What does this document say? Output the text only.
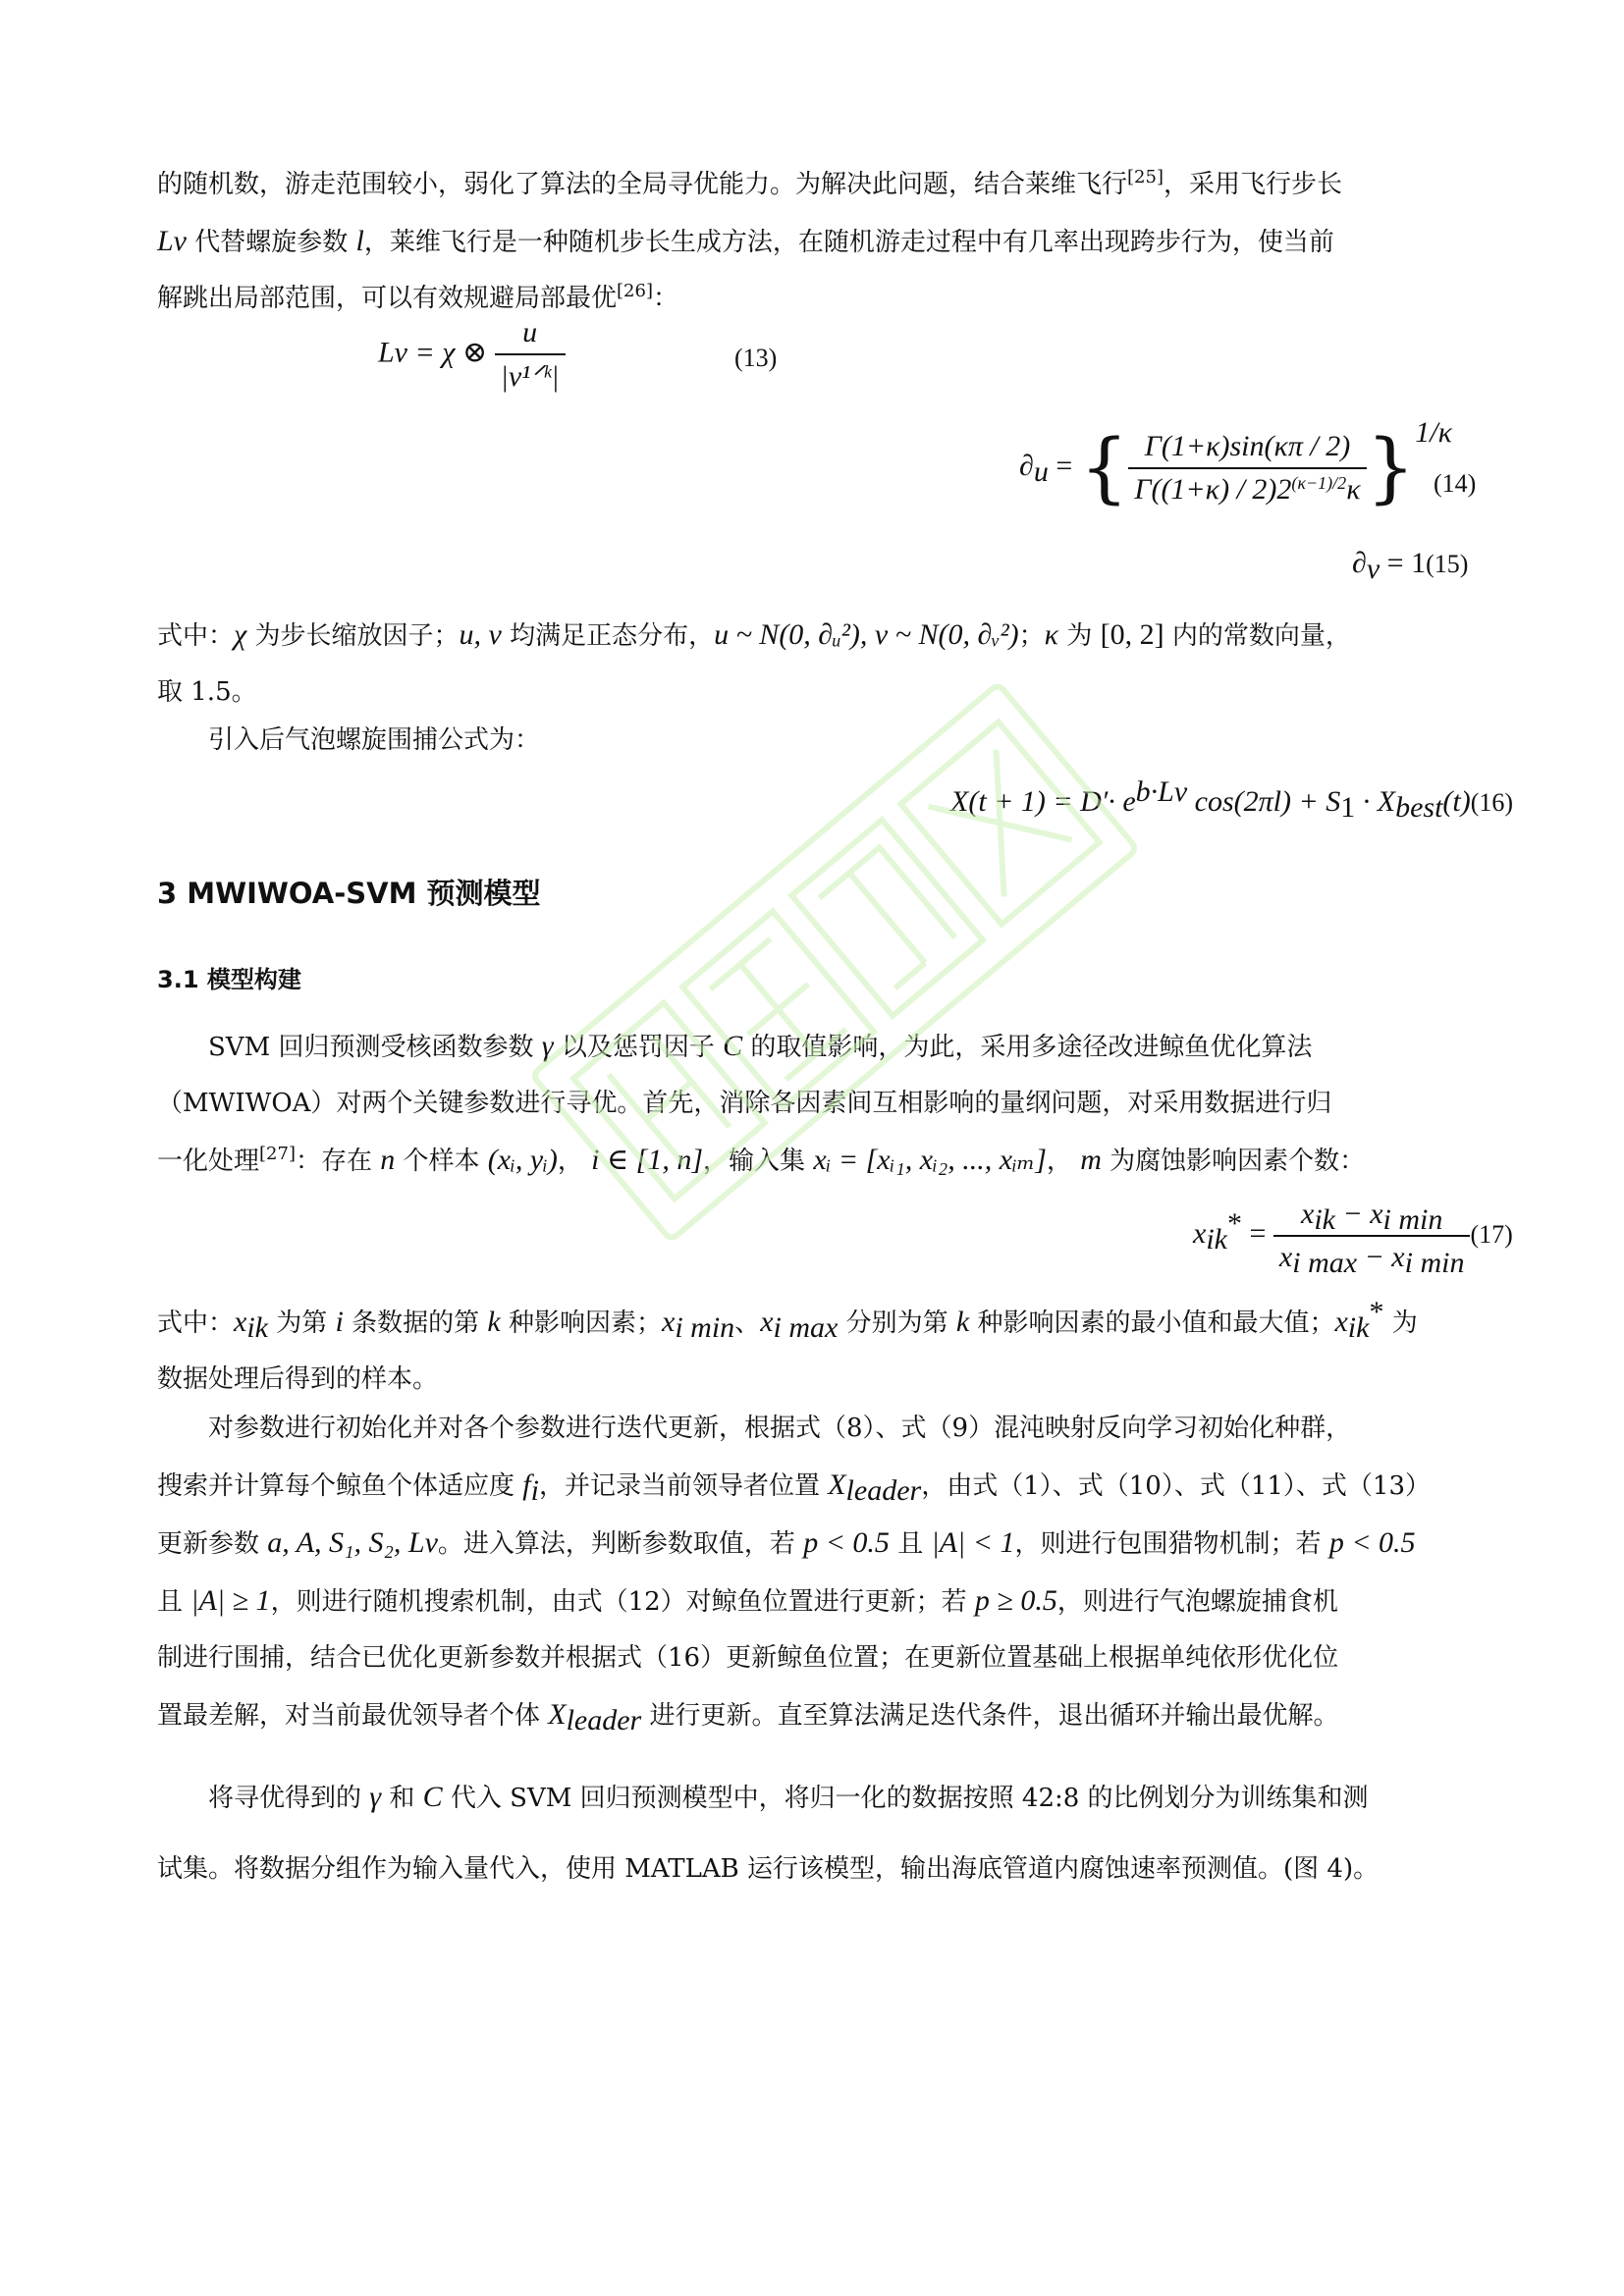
的随机数，游走范围较小，弱化了算法的全局寻优能力。为解决此问题，结合莱维飞行[25]，采用飞行步长
Lv 代替螺旋参数 l，莱维飞行是一种随机步长生成方法，在随机游走过程中有几率出现跨步行为，使当前
解跳出局部范围，可以有效规避局部最优[26]：

Lv = χ ⊗ $\frac{u}{\text{|v¹ᐟᵏ|}}$	(13)
$\partial_u$ = { $\frac{\Gamma(1+\kappa)\sin(\kappa\pi / 2)}{\Gamma((1+\kappa) / 2)2^{(\kappa-1)/2}\kappa} \}^{1/\kappa}$
(14)
$\partial_v = 1(15)$

式中：χ 为步长缩放因子；u, v 均满足正态分布，u ~ N(0, ∂ᵤ²), v ~ N(0, ∂ᵥ²)；κ 为 [0, 2] 内的常数向量，
取 1.5。

引入后气泡螺旋围捕公式为：

$X(t + 1) = D'\cdot e^{b\cdot Lv}$ $\cos(2\pi l) + S_1 \cdot X_{best}(t)(16)$
3 MWIWOA-SVM 预测模型
3.1 模型构建

SVM 回归预测受核函数参数 γ 以及惩罚因子 C 的取值影响，为此，采用多途径改进鲸鱼优化算法
（MWIWOA）对两个关键参数进行寻优。首先，消除各因素间互相影响的量纲问题，对采用数据进行归
一化处理[27]：存在 n 个样本 (xᵢ, yᵢ)， i ∈ [1, n]，输入集 xᵢ = [xᵢ₁, xᵢ₂, ..., xᵢₘ]， m 为腐蚀影响因素个数：

$x_{ik}^* = \frac{x_{ik} - x_{i min}}{x_{i max} - x_{i min}} (17)$

式中：$x_{ik}$ 为第 i 条数据的第 k 种影响因素；$x_{i min}$、$x_{i max}$ 分别为第 k 种影响因素的最小值和最大值；$x_{ik}^*$ 为
数据处理后得到的样本。

对参数进行初始化并对各个参数进行迭代更新，根据式（8）、式（9）混沌映射反向学习初始化种群，
搜索并计算每个鲸鱼个体适应度 $f_i$，并记录当前领导者位置 $X_{leader}$，由式（1）、式（10）、式（11）、式（13）
更新参数 a, A, S₁, S₂, Lv。进入算法，判断参数取值，若 p < 0.5 且 |A| < 1，则进行包围猎物机制；若 p < 0.5
且 |A| ≥ 1，则进行随机搜索机制，由式（12）对鲸鱼位置进行更新；若 p ≥ 0.5，则进行气泡螺旋捕食机
制进行围捕，结合已优化更新参数并根据式（16）更新鲸鱼位置；在更新位置基础上根据单纯依形优化位
置最差解，对当前最优领导者个体 $X_{leader}$ 进行更新。直至算法满足迭代条件，退出循环并输出最优解。

将寻优得到的 γ 和 C 代入 SVM 回归预测模型中，将归一化的数据按照 42:8 的比例划分为训练集和测
试集。将数据分组作为输入量代入，使用 MATLAB 运行该模型，输出海底管道内腐蚀速率预测值。(图 4)。
